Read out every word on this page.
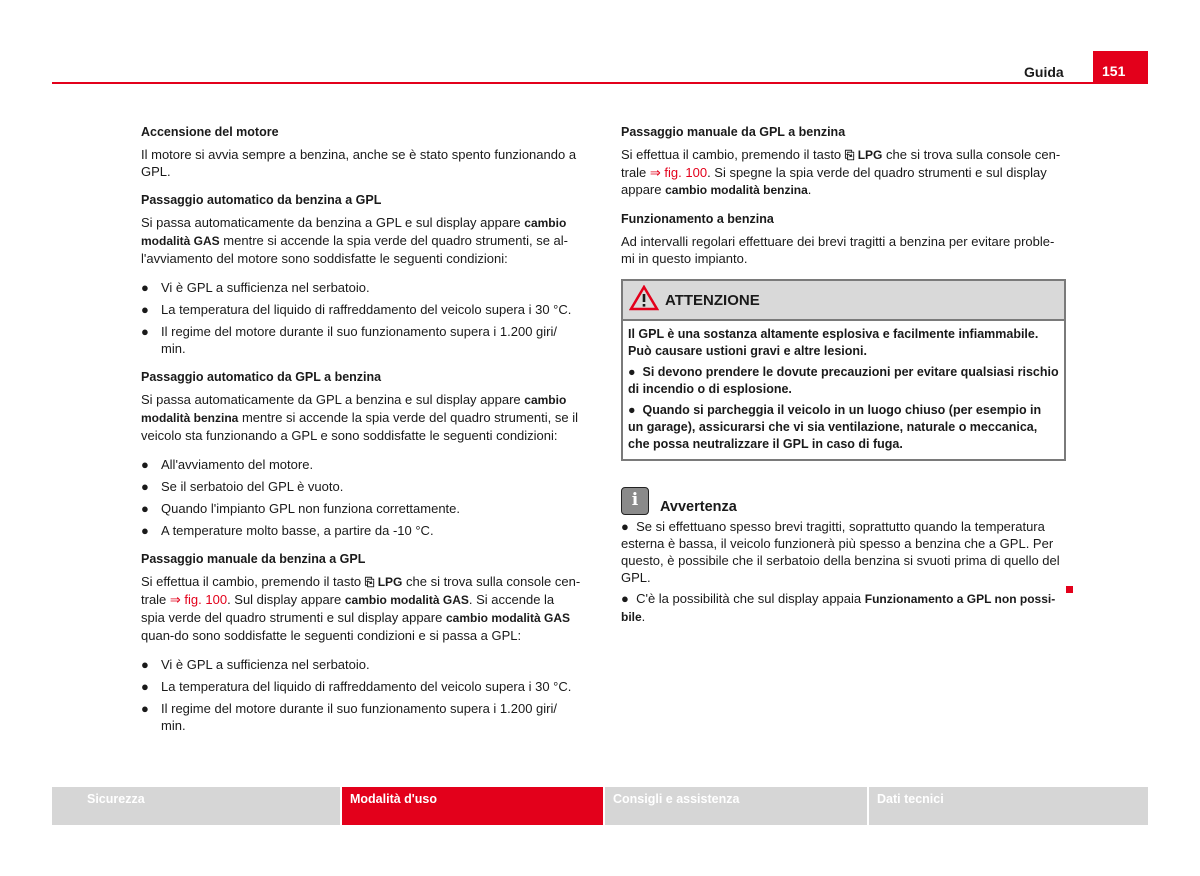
Guida	151
Accensione del motore

Il motore si avvia sempre a benzina, anche se è stato spento funzionando a GPL.

Passaggio automatico da benzina a GPL

Si passa automaticamente da benzina a GPL e sul display appare cambio modalità GAS mentre si accende la spia verde del quadro strumenti, se al-l'avviamento del motore sono soddisfatte le seguenti condizioni:

● Vi è GPL a sufficienza nel serbatoio.
● La temperatura del liquido di raffreddamento del veicolo supera i 30 °C.
● Il regime del motore durante il suo funzionamento supera i 1.200 giri/ min.
Passaggio automatico da GPL a benzina

Si passa automaticamente da GPL a benzina e sul display appare cambio modalità benzina mentre si accende la spia verde del quadro strumenti, se il veicolo sta funzionando a GPL e sono soddisfatte le seguenti condizioni:

● All'avviamento del motore.
● Se il serbatoio del GPL è vuoto.
● Quando l'impianto GPL non funziona correttamente.
● A temperature molto basse, a partire da -10 °C.
Passaggio manuale da benzina a GPL

Si effettua il cambio, premendo il tasto ⎘ LPG che si trova sulla console cen-trale ⇒ fig. 100. Sul display appare cambio modalità GAS. Si accende la spia verde del quadro strumenti e sul display appare cambio modalità GAS quan-do sono soddisfatte le seguenti condizioni e si passa a GPL:

● Vi è GPL a sufficienza nel serbatoio.
● La temperatura del liquido di raffreddamento del veicolo supera i 30 °C.
● Il regime del motore durante il suo funzionamento supera i 1.200 giri/ min.
Passaggio manuale da GPL a benzina

Si effettua il cambio, premendo il tasto ⎘ LPG che si trova sulla console cen-trale ⇒ fig. 100. Si spegne la spia verde del quadro strumenti e sul display appare cambio modalità benzina.

Funzionamento a benzina

Ad intervalli regolari effettuare dei brevi tragitti a benzina per evitare proble-mi in questo impianto.

ATTENZIONE

Il GPL è una sostanza altamente esplosiva e facilmente infiammabile. Può causare ustioni gravi e altre lesioni.

●  Si devono prendere le dovute precauzioni per evitare qualsiasi rischio di incendio o di esplosione.

●  Quando si parcheggia il veicolo in un luogo chiuso (per esempio in un garage), assicurarsi che vi sia ventilazione, naturale o meccanica, che possa neutralizzare il GPL in caso di fuga.

i	Avvertenza

●  Se si effettuano spesso brevi tragitti, soprattutto quando la temperatura esterna è bassa, il veicolo funzionerà più spesso a benzina che a GPL. Per questo, è possibile che il serbatoio della benzina si svuoti prima di quello del GPL.

●  C'è la possibilità che sul display appaia Funzionamento a GPL non possi-bile.

Sicurezza	Modalità d'uso	Consigli e assistenza	Dati tecnici
